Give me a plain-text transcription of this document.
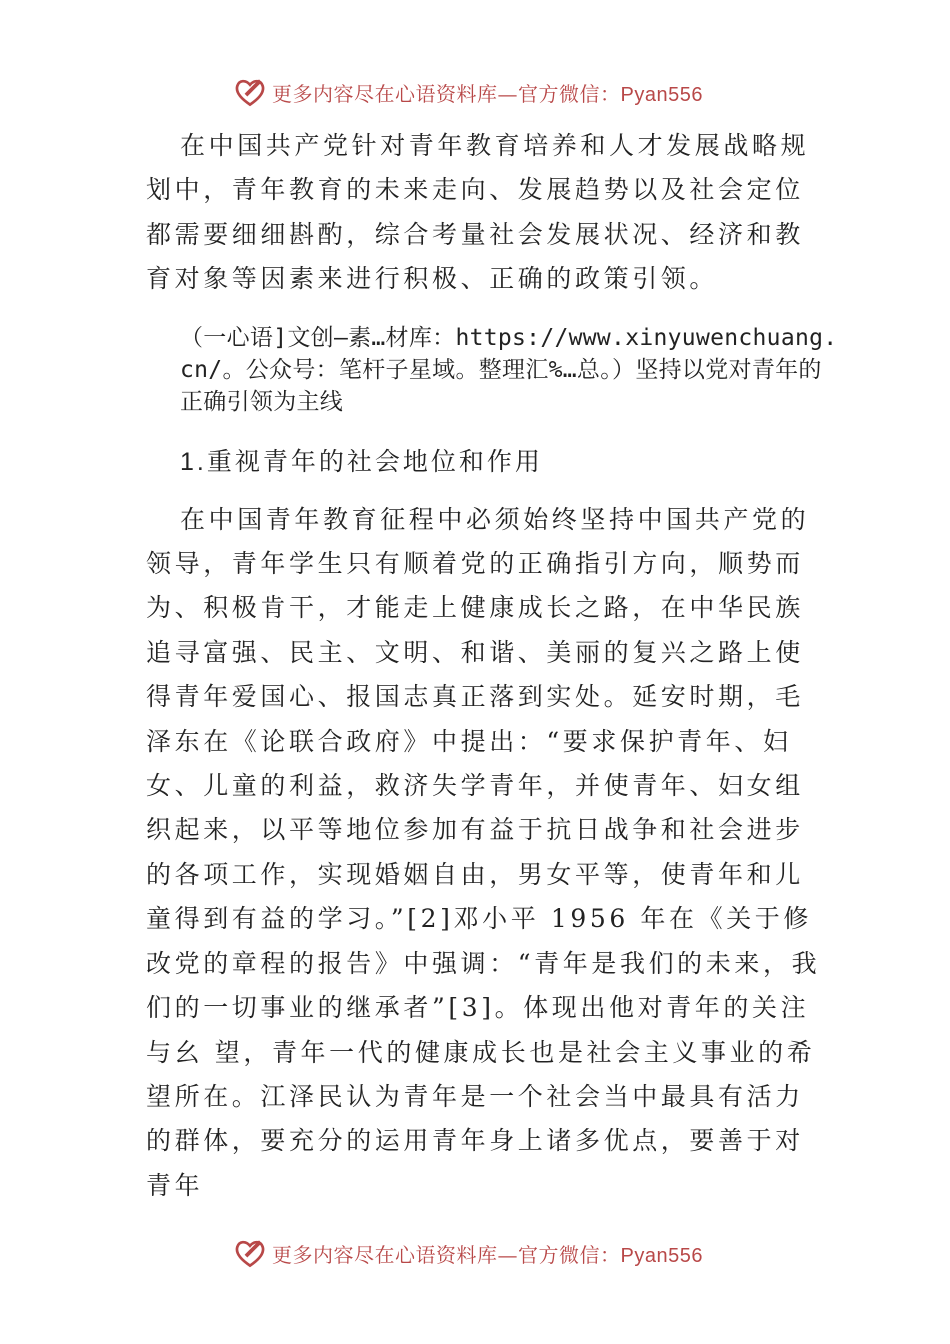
更多内容尽在心语资料库—官方微信：Pyan556

在中国共产党针对青年教育培养和人才发展战略规划中，青年教育的未来走向、发展趋势以及社会定位都需要细细斟酌，综合考量社会发展状况、经济和教育对象等因素来进行积极、正确的政策引领。

（一心语]文创—素…材库：https://www.xinyuwenchuang.cn/。公众号：笔杆子星域。整理汇%…总。）坚持以党对青年的正确引领为主线

1.重视青年的社会地位和作用

在中国青年教育征程中必须始终坚持中国共产党的领导，青年学生只有顺着党的正确指引方向，顺势而为、积极肯干，才能走上健康成长之路，在中华民族追寻富强、民主、文明、和谐、美丽的复兴之路上使得青年爱国心、报国志真正落到实处。延安时期，毛泽东在《论联合政府》中提出：“要求保护青年、妇女、儿童的利益，救济失学青年，并使青年、妇女组织起来，以平等地位参加有益于抗日战争和社会进步的各项工作，实现婚姻自由，男女平等，使青年和儿童得到有益的学习。”[2]邓小平 1956 年在《关于修改党的章程的报告》中强调：“青年是我们的未来，我们的一切事业的继承者”[3]。体现出他对青年的关注与幺 望，青年一代的健康成长也是社会主义事业的希望所在。江泽民认为青年是一个社会当中最具有活力的群体，要充分的运用青年身上诸多优点，要善于对青年

更多内容尽在心语资料库—官方微信：Pyan556
